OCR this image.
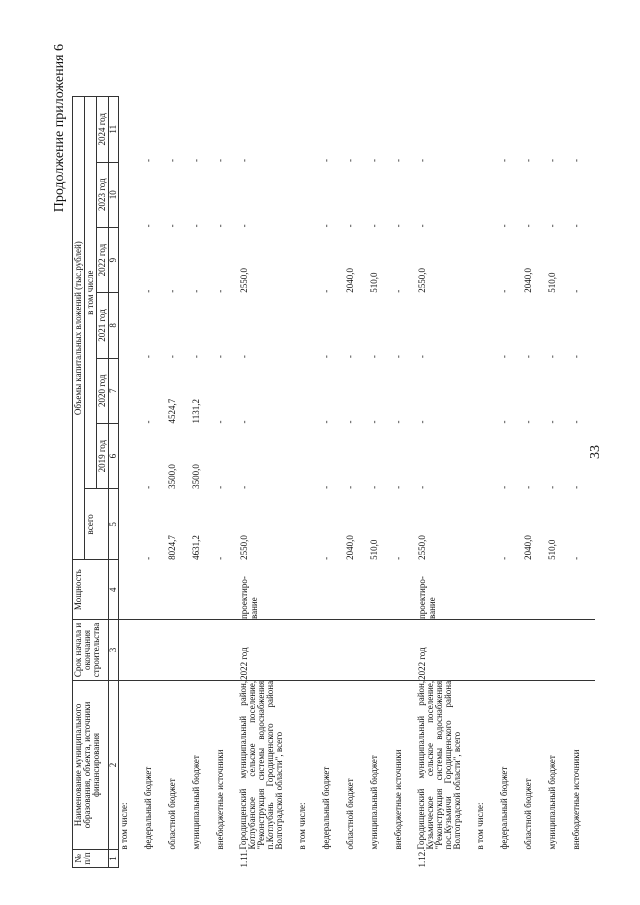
33
Продолжение приложения 6
№ п/п	Наименование муниципального образования, объекта, источники финансирования	Срок начала и окончания строительства	Мощность	Объемы капитальных вложений (тыс.рублей)						
				всего	в том числе					
					2019 год	2020 год	2021 год	2022 год	2023 год	2024 год
1	2	3	4	5	6	7	8	9	10	11
	в том числе:									
	федеральный бюджет			-	-	-	-	-	-	-
	областной бюджет			8024,7	3500,0	4524,7	-	-	-	-
	муниципальный бюджет			4631,2	3500,0	1131,2	-	-	-	-
	внебюджетные источники			-	-	-	-	-	-	-
1.11.	Городищенский муниципальный район, Котлубанское сельское поселение, "Реконструкция системы водоснабжения п.Котлубань Городищенского района Волгоградской области", всего	2022 год	проектиро-вание	2550,0	-	-	-	2550,0	-	-
	в том числе:									
	федеральный бюджет			-	-	-	-	-	-	-
	областной бюджет			2040,0	-	-	-	2040,0	-	-
	муниципальный бюджет			510,0	-	-	-	510,0	-	-
	внебюджетные источники			-	-	-	-	-	-	-
1.12.	Городищенский муниципальный район, Кузьмическое сельское поселение, "Реконструкция системы водоснабжения пос.Кузьмичи Городищенского района Волгоградской области", всего	2022 год	проектиро-вание	2550,0	-	-	-	2550,0	-	-
	в том числе:									
	федеральный бюджет			-	-	-	-	-	-	-
	областной бюджет			2040,0	-	-	-	2040,0	-	-
	муниципальный бюджет			510,0	-	-	-	510,0	-	-
	внебюджетные источники			-	-	-	-	-	-	-
